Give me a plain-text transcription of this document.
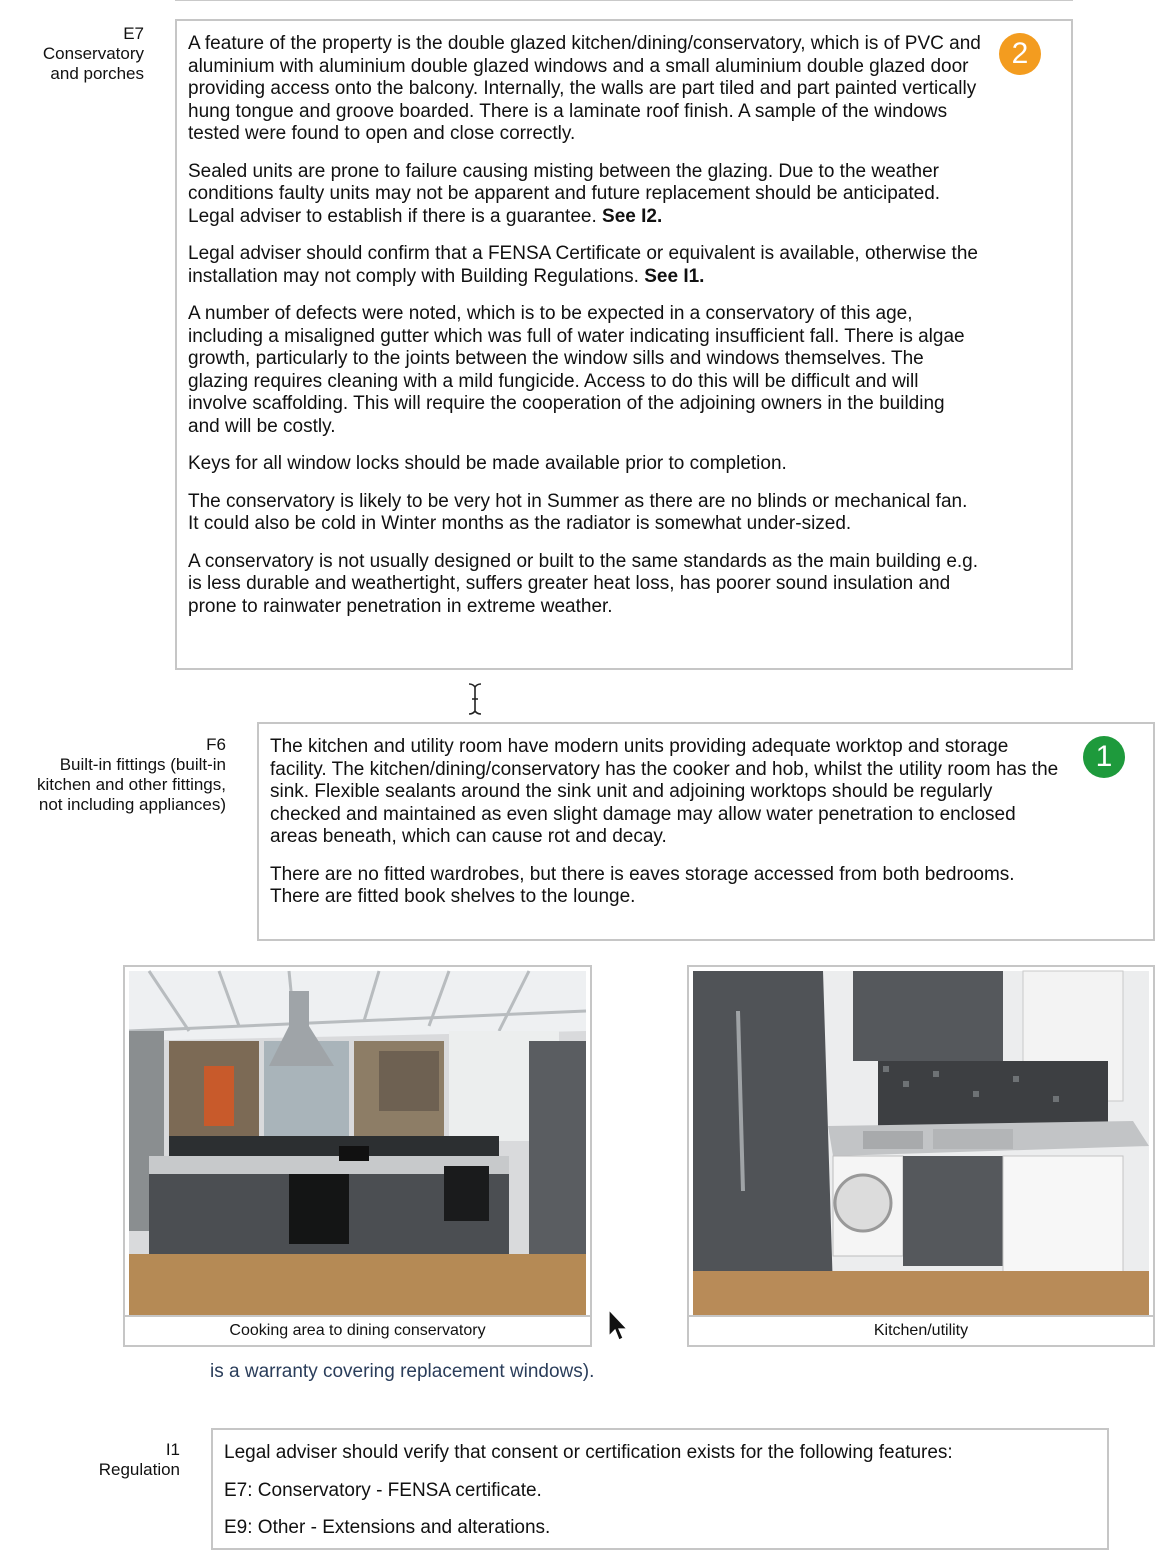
E7
Conservatory
and porches

A feature of the property is the double glazed kitchen/dining/conservatory, which is of PVC and aluminium with aluminium double glazed windows and a small aluminium double glazed door providing access onto the balcony. Internally, the walls are part tiled and part painted vertically hung tongue and groove boarded. There is a laminate roof finish. A sample of the windows tested were found to open and close correctly.

Sealed units are prone to failure causing misting between the glazing. Due to the weather conditions faulty units may not be apparent and future replacement should be anticipated. Legal adviser to establish if there is a guarantee. See I2.

Legal adviser should confirm that a FENSA Certificate or equivalent is available, otherwise the installation may not comply with Building Regulations. See I1.

A number of defects were noted, which is to be expected in a conservatory of this age, including a misaligned gutter which was full of water indicating insufficient fall. There is algae growth, particularly to the joints between the window sills and windows themselves. The glazing requires cleaning with a mild fungicide. Access to do this will be difficult and will involve scaffolding. This will require the cooperation of the adjoining owners in the building and will be costly.

Keys for all window locks should be made available prior to completion.

The conservatory is likely to be very hot in Summer as there are no blinds or mechanical fan. It could also be cold in Winter months as the radiator is somewhat under-sized.

A conservatory is not usually designed or built to the same standards as the main building e.g. is less durable and weathertight, suffers greater heat loss, has poorer sound insulation and prone to rainwater penetration in extreme weather.

2
F6
Built-in fittings (built-in
kitchen and other fittings,
not including appliances)

The kitchen and utility room have modern units providing adequate worktop and storage facility. The kitchen/dining/conservatory has the cooker and hob, whilst the utility room has the sink. Flexible sealants around the sink unit and adjoining worktops should be regularly checked and maintained as even slight damage may allow water penetration to enclosed areas beneath, which can cause rot and decay.

There are no fitted wardrobes, but there is eaves storage accessed from both bedrooms. There are fitted book shelves to the lounge.

1
Cooking area to dining conservatory	Kitchen/utility
is a warranty covering replacement windows).
I1
Regulation

Legal adviser should verify that consent or certification exists for the following features:

E7: Conservatory - FENSA certificate.

E9: Other - Extensions and alterations.
